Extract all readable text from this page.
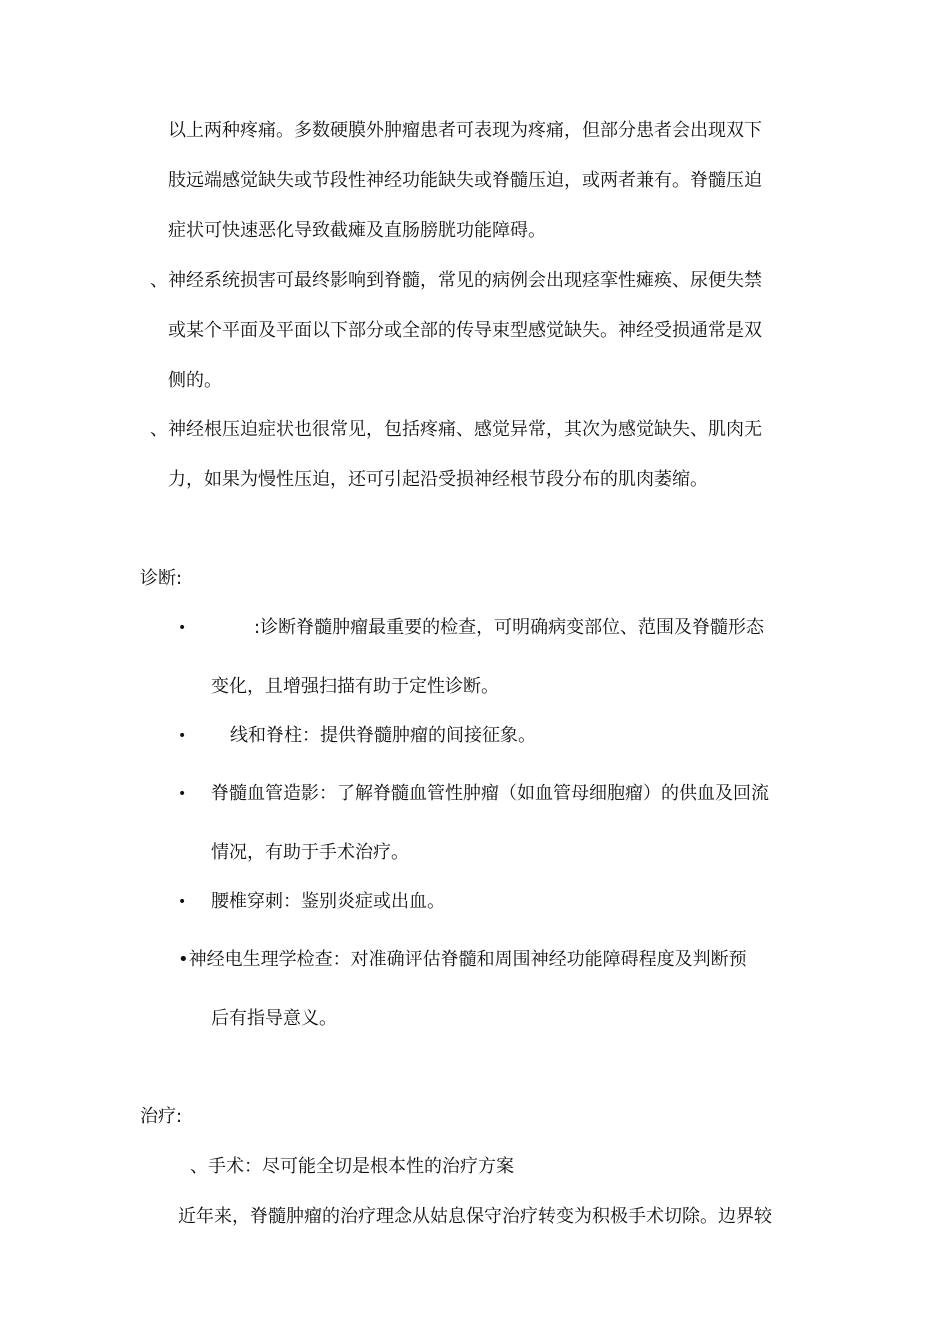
以上两种疼痛。多数硬膜外肿瘤患者可表现为疼痛，但部分患者会出现双下
肢远端感觉缺失或节段性神经功能缺失或脊髓压迫，或两者兼有。脊髓压迫
症状可快速恶化导致截瘫及直肠膀胱功能障碍。
、神经系统损害可最终影响到脊髓，常见的病例会出现痉挛性瘫痪、尿便失禁
或某个平面及平面以下部分或全部的传导束型感觉缺失。神经受损通常是双
侧的。
、神经根压迫症状也很常见，包括疼痛、感觉异常，其次为感觉缺失、肌肉无
力，如果为慢性压迫，还可引起沿受损神经根节段分布的肌肉萎缩。
诊断:
•	:诊断脊髓肿瘤最重要的检查，可明确病变部位、范围及脊髓形态
变化，且增强扫描有助于定性诊断。
• 线和脊柱：提供脊髓肿瘤的间接征象。
• 脊髓血管造影：了解脊髓血管性肿瘤（如血管母细胞瘤）的供血及回流
情况，有助于手术治疗。
• 腰椎穿刺：鉴别炎症或出血。
•神经电生理学检查：对准确评估脊髓和周围神经功能障碍程度及判断预
后有指导意义。
治疗:
、手术：尽可能全切是根本性的治疗方案
近年来，脊髓肿瘤的治疗理念从姑息保守治疗转变为积极手术切除。边界较
